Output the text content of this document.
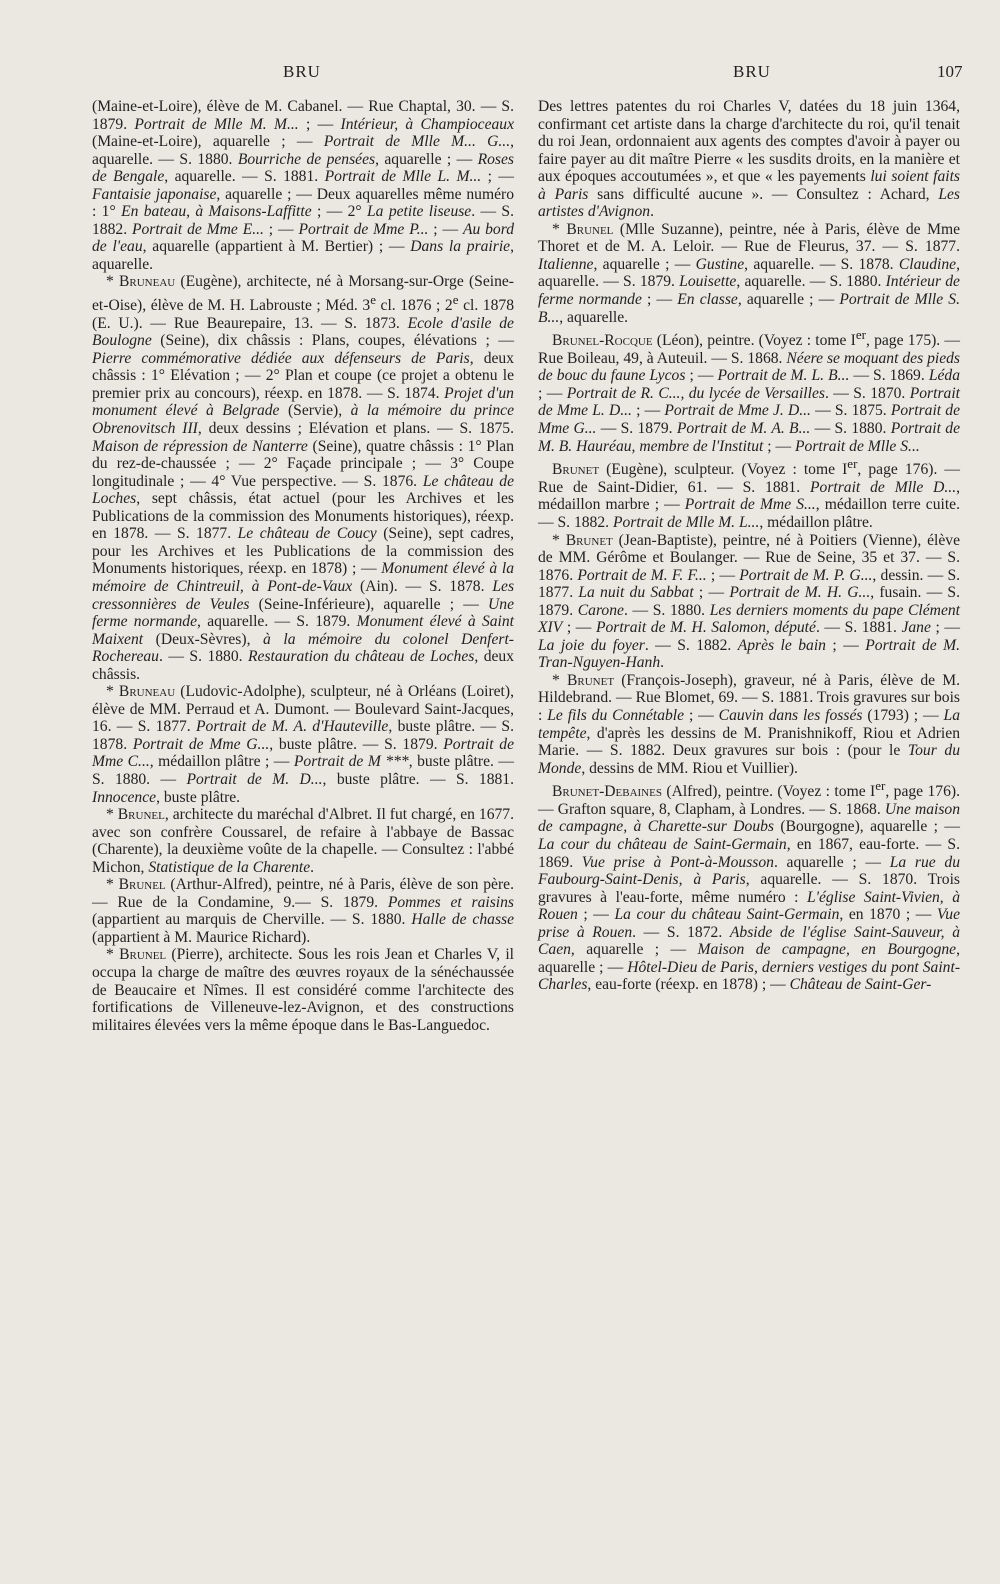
BRU	BRU	107

(Maine-et-Loire), élève de M. Cabanel. — Rue Chaptal, 30. — S. 1879. Portrait de Mlle M. M... ; — Intérieur, à Champioceaux (Maine-et-Loire), aquarelle ; — Portrait de Mlle M... G..., aquarelle. — S. 1880. Bourriche de pensées, aquarelle ; — Roses de Bengale, aquarelle. — S. 1881. Portrait de Mlle L. M... ; — Fantaisie japonaise, aquarelle ; — Deux aquarelles même numéro : 1° En bateau, à Maisons-Laffitte ; — 2° La petite liseuse. — S. 1882. Portrait de Mme E... ; — Portrait de Mme P... ; — Au bord de l'eau, aquarelle (appartient à M. Bertier) ; — Dans la prairie, aquarelle.

* Bruneau (Eugène), architecte, né à Morsang-sur-Orge (Seine-et-Oise), élève de M. H. Labrouste ; Méd. 3e cl. 1876 ; 2e cl. 1878 (E. U.). — Rue Beaurepaire, 13. — S. 1873. Ecole d'asile de Boulogne (Seine), dix châssis : Plans, coupes, élévations ; — Pierre commémorative dédiée aux défenseurs de Paris, deux châssis : 1° Elévation ; — 2° Plan et coupe (ce projet a obtenu le premier prix au concours), réexp. en 1878. — S. 1874. Projet d'un monument élevé à Belgrade (Servie), à la mémoire du prince Obrenovitsch III, deux dessins ; Elévation et plans. — S. 1875. Maison de répression de Nanterre (Seine), quatre châssis : 1° Plan du rez-de-chaussée ; — 2° Façade principale ; — 3° Coupe longitudinale ; — 4° Vue perspective. — S. 1876. Le château de Loches, sept châssis, état actuel (pour les Archives et les Publications de la commission des Monuments historiques), réexp. en 1878. — S. 1877. Le château de Coucy (Seine), sept cadres, pour les Archives et les Publications de la commission des Monuments historiques, réexp. en 1878) ; — Monument élevé à la mémoire de Chintreuil, à Pont-de-Vaux (Ain). — S. 1878. Les cressonnières de Veules (Seine-Inférieure), aquarelle ; — Une ferme normande, aquarelle. — S. 1879. Monument élevé à Saint Maixent (Deux-Sèvres), à la mémoire du colonel Denfert-Rochereau. — S. 1880. Restauration du château de Loches, deux châssis.

* Bruneau (Ludovic-Adolphe), sculpteur, né à Orléans (Loiret), élève de MM. Perraud et A. Dumont. — Boulevard Saint-Jacques, 16. — S. 1877. Portrait de M. A. d'Hauteville, buste plâtre. — S. 1878. Portrait de Mme G..., buste plâtre. — S. 1879. Portrait de Mme C..., médaillon plâtre ; — Portrait de M ***, buste plâtre. — S. 1880. — Portrait de M. D..., buste plâtre. — S. 1881. Innocence, buste plâtre.

* Brunel, architecte du maréchal d'Albret. Il fut chargé, en 1677. avec son confrère Coussarel, de refaire à l'abbaye de Bassac (Charente), la deuxième voûte de la chapelle. — Consultez : l'abbé Michon, Statistique de la Charente.

* Brunel (Arthur-Alfred), peintre, né à Paris, élève de son père. — Rue de la Condamine, 9.— S. 1879. Pommes et raisins (appartient au marquis de Cherville. — S. 1880. Halle de chasse (appartient à M. Maurice Richard).

* Brunel (Pierre), architecte. Sous les rois Jean et Charles V, il occupa la charge de maître des œuvres royaux de la sénéchaussée de Beaucaire et Nîmes. Il est considéré comme l'architecte des fortifications de Villeneuve-lez-Avignon, et des constructions militaires élevées vers la même époque dans le Bas-Languedoc.

Des lettres patentes du roi Charles V, datées du 18 juin 1364, confirmant cet artiste dans la charge d'architecte du roi, qu'il tenait du roi Jean, ordonnaient aux agents des comptes d'avoir à payer ou faire payer au dit maître Pierre « les susdits droits, en la manière et aux époques accoutumées », et que « les payements lui soient faits à Paris sans difficulté aucune ». — Consultez : Achard, Les artistes d'Avignon.

* Brunel (Mlle Suzanne), peintre, née à Paris, élève de Mme Thoret et de M. A. Leloir. — Rue de Fleurus, 37. — S. 1877. Italienne, aquarelle ; — Gustine, aquarelle. — S. 1878. Claudine, aquarelle. — S. 1879. Louisette, aquarelle. — S. 1880. Intérieur de ferme normande ; — En classe, aquarelle ; — Portrait de Mlle S. B..., aquarelle.

Brunel-Rocque (Léon), peintre. (Voyez : tome Ier, page 175). — Rue Boileau, 49, à Auteuil. — S. 1868. Néere se moquant des pieds de bouc du faune Lycos ; — Portrait de M. L. B... — S. 1869. Léda ; — Portrait de R. C..., du lycée de Versailles. — S. 1870. Portrait de Mme L. D... ; — Portrait de Mme J. D... — S. 1875. Portrait de Mme G... — S. 1879. Portrait de M. A. B... — S. 1880. Portrait de M. B. Hauréau, membre de l'Institut ; — Portrait de Mlle S...

Brunet (Eugène), sculpteur. (Voyez : tome Ier, page 176). — Rue de Saint-Didier, 61. — S. 1881. Portrait de Mlle D..., médaillon marbre ; — Portrait de Mme S..., médaillon terre cuite. — S. 1882. Portrait de Mlle M. L..., médaillon plâtre.

* Brunet (Jean-Baptiste), peintre, né à Poitiers (Vienne), élève de MM. Gérôme et Boulanger. — Rue de Seine, 35 et 37. — S. 1876. Portrait de M. F. F... ; — Portrait de M. P. G..., dessin. — S. 1877. La nuit du Sabbat ; — Portrait de M. H. G..., fusain. — S. 1879. Carone. — S. 1880. Les derniers moments du pape Clément XIV ; — Portrait de M. H. Salomon, député. — S. 1881. Jane ; — La joie du foyer. — S. 1882. Après le bain ; — Portrait de M. Tran-Nguyen-Hanh.

* Brunet (François-Joseph), graveur, né à Paris, élève de M. Hildebrand. — Rue Blomet, 69. — S. 1881. Trois gravures sur bois : Le fils du Connétable ; — Cauvin dans les fossés (1793) ; — La tempête, d'après les dessins de M. Pranishnikoff, Riou et Adrien Marie. — S. 1882. Deux gravures sur bois : (pour le Tour du Monde, dessins de MM. Riou et Vuillier).

Brunet-Debaines (Alfred), peintre. (Voyez : tome Ier, page 176). — Grafton square, 8, Clapham, à Londres. — S. 1868. Une maison de campagne, à Charette-sur Doubs (Bourgogne), aquarelle ; — La cour du château de Saint-Germain, en 1867, eau-forte. — S. 1869. Vue prise à Pont-à-Mousson. aquarelle ; — La rue du Faubourg-Saint-Denis, à Paris, aquarelle. — S. 1870. Trois gravures à l'eau-forte, même numéro : L'église Saint-Vivien, à Rouen ; — La cour du château Saint-Germain, en 1870 ; — Vue prise à Rouen. — S. 1872. Abside de l'église Saint-Sauveur, à Caen, aquarelle ; — Maison de campagne, en Bourgogne, aquarelle ; — Hôtel-Dieu de Paris, derniers vestiges du pont Saint-Charles, eau-forte (réexp. en 1878) ; — Château de Saint-Ger-
